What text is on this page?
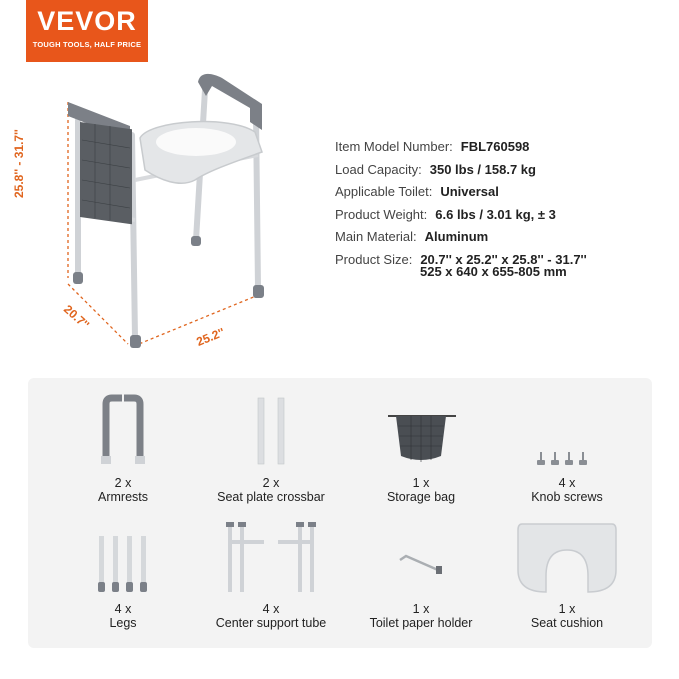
VEVOR
TOUGH TOOLS, HALF PRICE
25.8'' - 31.7''
20.7''
25.2''
Item Model Number: FBL760598
Load Capacity: 350 lbs / 158.7 kg
Applicable Toilet: Universal
Product Weight: 6.6 lbs / 3.01 kg, ± 3
Main Material: Aluminum
Product Size: 20.7'' x 25.2'' x 25.8'' - 31.7''
525 x 640 x 655-805 mm
2 x
Armrests
2 x
Seat plate crossbar
1 x
Storage bag
4 x
Knob screws
4 x
Legs
4 x
Center support tube
1 x
Toilet paper holder
1 x
Seat cushion
